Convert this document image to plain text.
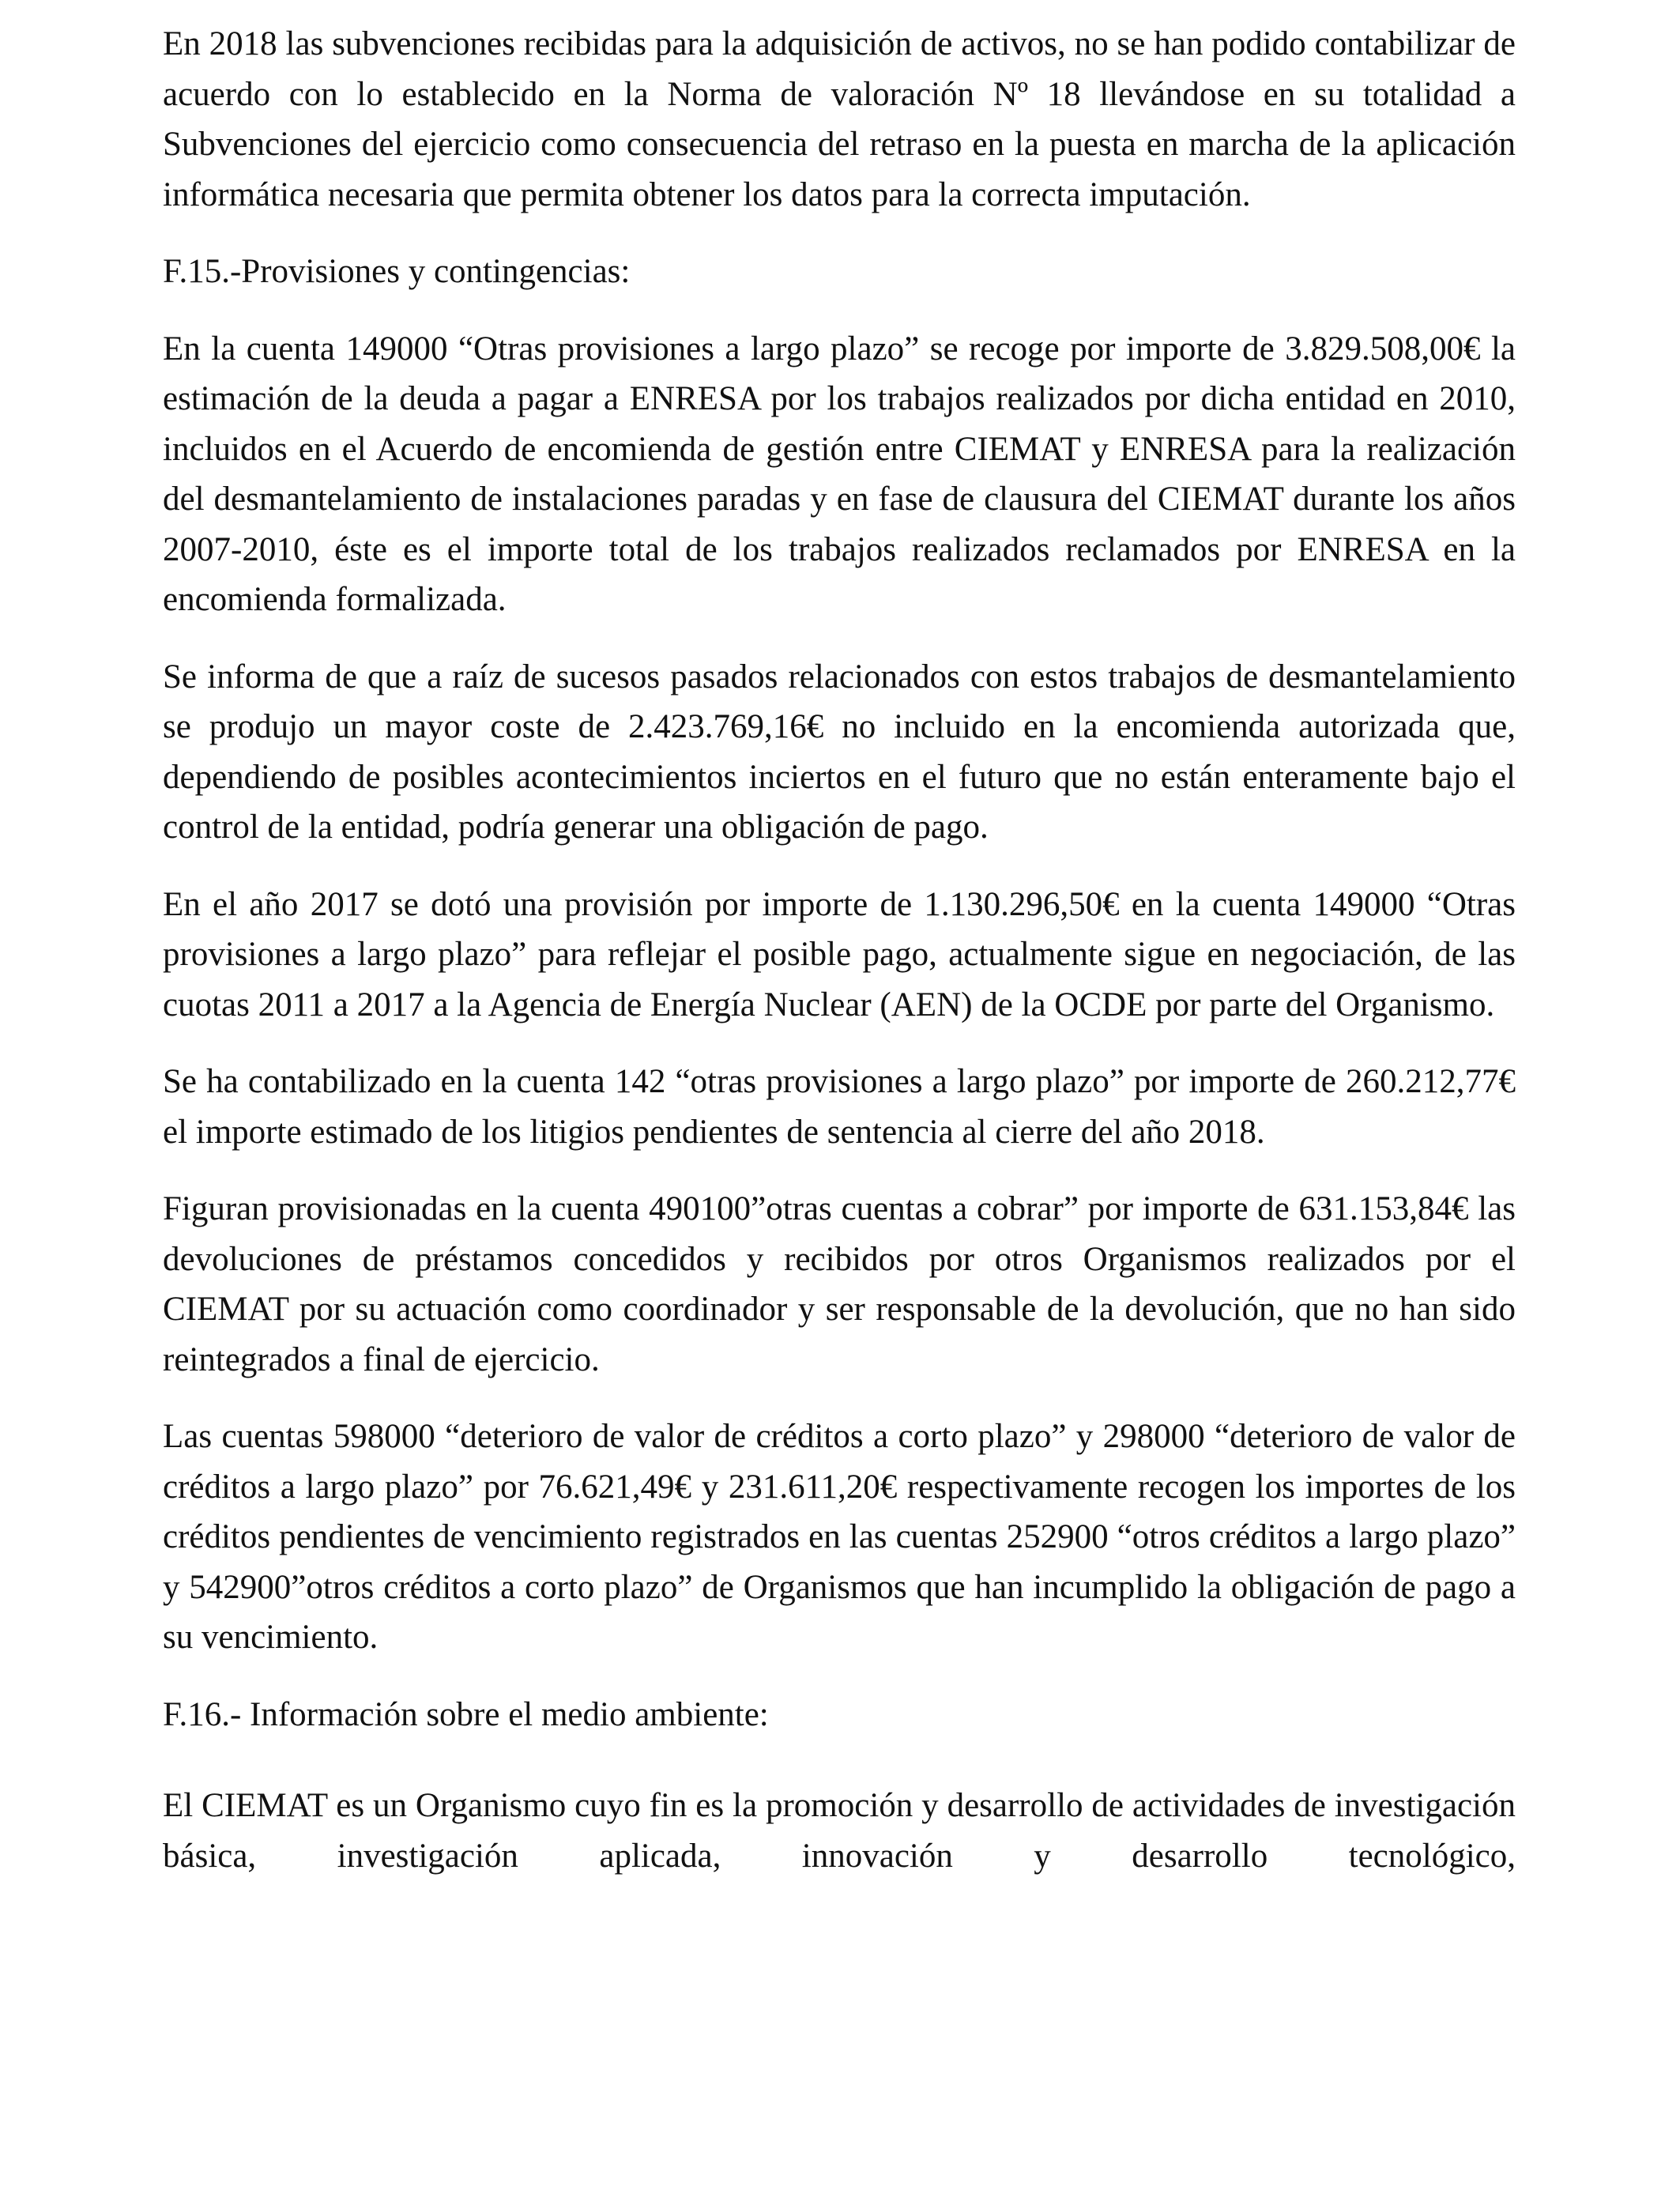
En 2018 las subvenciones recibidas para la adquisición de activos, no se han podido contabilizar de acuerdo con lo establecido en la Norma de valoración Nº 18 llevándose en su totalidad a Subvenciones del ejercicio como consecuencia del retraso en la puesta en marcha de la aplicación informática necesaria que permita obtener los datos para la correcta imputación.

F.15.-Provisiones y contingencias:

En la cuenta 149000 “Otras provisiones a largo plazo” se recoge por importe de 3.829.508,00€ la estimación de la deuda a pagar a ENRESA por los trabajos realizados por dicha entidad en 2010, incluidos en el Acuerdo de encomienda de gestión entre CIEMAT y ENRESA para la realización del desmantelamiento de instalaciones paradas y en fase de clausura del CIEMAT durante los años 2007-2010, éste es el importe total de los trabajos realizados reclamados por ENRESA en la encomienda formalizada.

Se informa de que a raíz de sucesos pasados relacionados con estos trabajos de desmantelamiento se produjo un mayor coste de 2.423.769,16€ no incluido en la encomienda autorizada que, dependiendo de posibles acontecimientos inciertos en el futuro que no están enteramente bajo el control de la entidad, podría generar una obligación de pago.

En el año 2017 se dotó una provisión por importe de 1.130.296,50€ en la cuenta 149000 “Otras provisiones a largo plazo” para reflejar el posible pago, actualmente sigue en negociación, de las cuotas 2011 a 2017 a la Agencia de Energía Nuclear (AEN) de la OCDE por parte del Organismo.

Se ha contabilizado en la cuenta 142 “otras provisiones a largo plazo” por importe de 260.212,77€ el importe estimado de los litigios pendientes de sentencia al cierre del año 2018.

Figuran provisionadas en la cuenta 490100”otras cuentas a cobrar” por importe de 631.153,84€ las devoluciones de préstamos concedidos y recibidos por otros Organismos realizados por el CIEMAT por su actuación como coordinador y ser responsable de la devolución, que no han sido reintegrados a final de ejercicio.

Las cuentas 598000 “deterioro de valor de créditos a corto plazo” y 298000 “deterioro de valor de créditos a largo plazo” por 76.621,49€ y 231.611,20€ respectivamente recogen los importes de los créditos pendientes de vencimiento registrados en las cuentas 252900 “otros créditos a largo plazo” y 542900”otros créditos a corto plazo” de Organismos que han incumplido la obligación de pago a su vencimiento.

F.16.- Información sobre el medio ambiente:

El CIEMAT es un Organismo cuyo fin es la promoción y desarrollo de actividades de investigación básica, investigación aplicada, innovación y desarrollo tecnológico,
